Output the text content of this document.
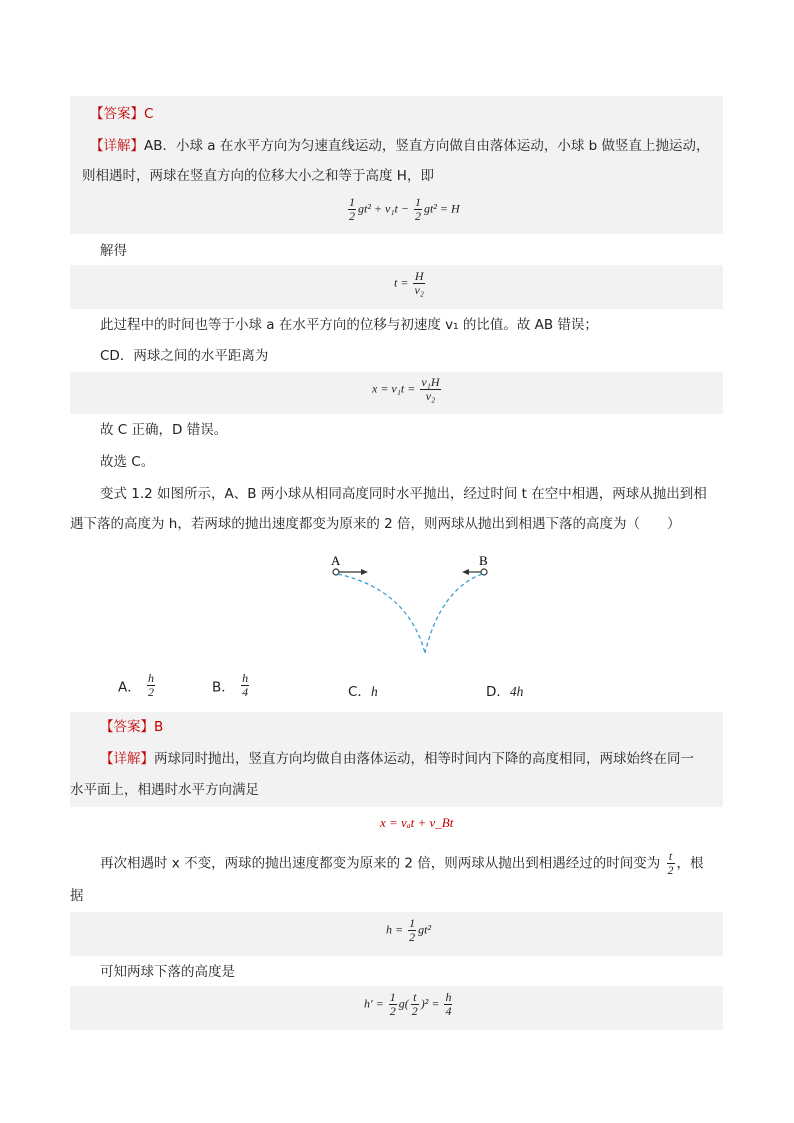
【答案】C
【详解】AB．小球 a 在水平方向为匀速直线运动，竖直方向做自由落体运动，小球 b 做竖直上抛运动，
则相遇时，两球在竖直方向的位移大小之和等于高度 H，即
$\frac{1}{2} gt^2 + v_1t - \frac{1}{2} gt^2 = H$
解得
$t = \frac{H}{\text{v₂}}$
此过程中的时间也等于小球 a 在水平方向的位移与初速度 v₁ 的比值。故 AB 错误；
CD．两球之间的水平距离为
$x = v_1t = \frac{\text{v₁H}}{\text{v₂}}$
故 C 正确，D 错误。
故选 C。
变式 1.2 如图所示，A、B 两小球从相同高度同时水平抛出，经过时间 t 在空中相遇，两球从抛出到相
遇下落的高度为 h，若两球的抛出速度都变为原来的 2 倍，则两球从抛出到相遇下落的高度为（　　）
A	B
A． $\frac{h}{2}$	B． $\frac{h}{4}$	C．h	D．4h
【答案】B
【详解】两球同时抛出，竖直方向均做自由落体运动，相等时间内下降的高度相同，两球始终在同一
水平面上，相遇时水平方向满足
x = vₐt + v_Bt
再次相遇时 x 不变，两球的抛出速度都变为原来的 2 倍，则两球从抛出到相遇经过的时间变为 $\frac{t}{2}$ ，根
据
$h = \frac{1}{2} gt^2$
可知两球下落的高度是
$h' = \frac{1}{2} g( \frac{t}{2} )^2 = \frac{h}{4}$
